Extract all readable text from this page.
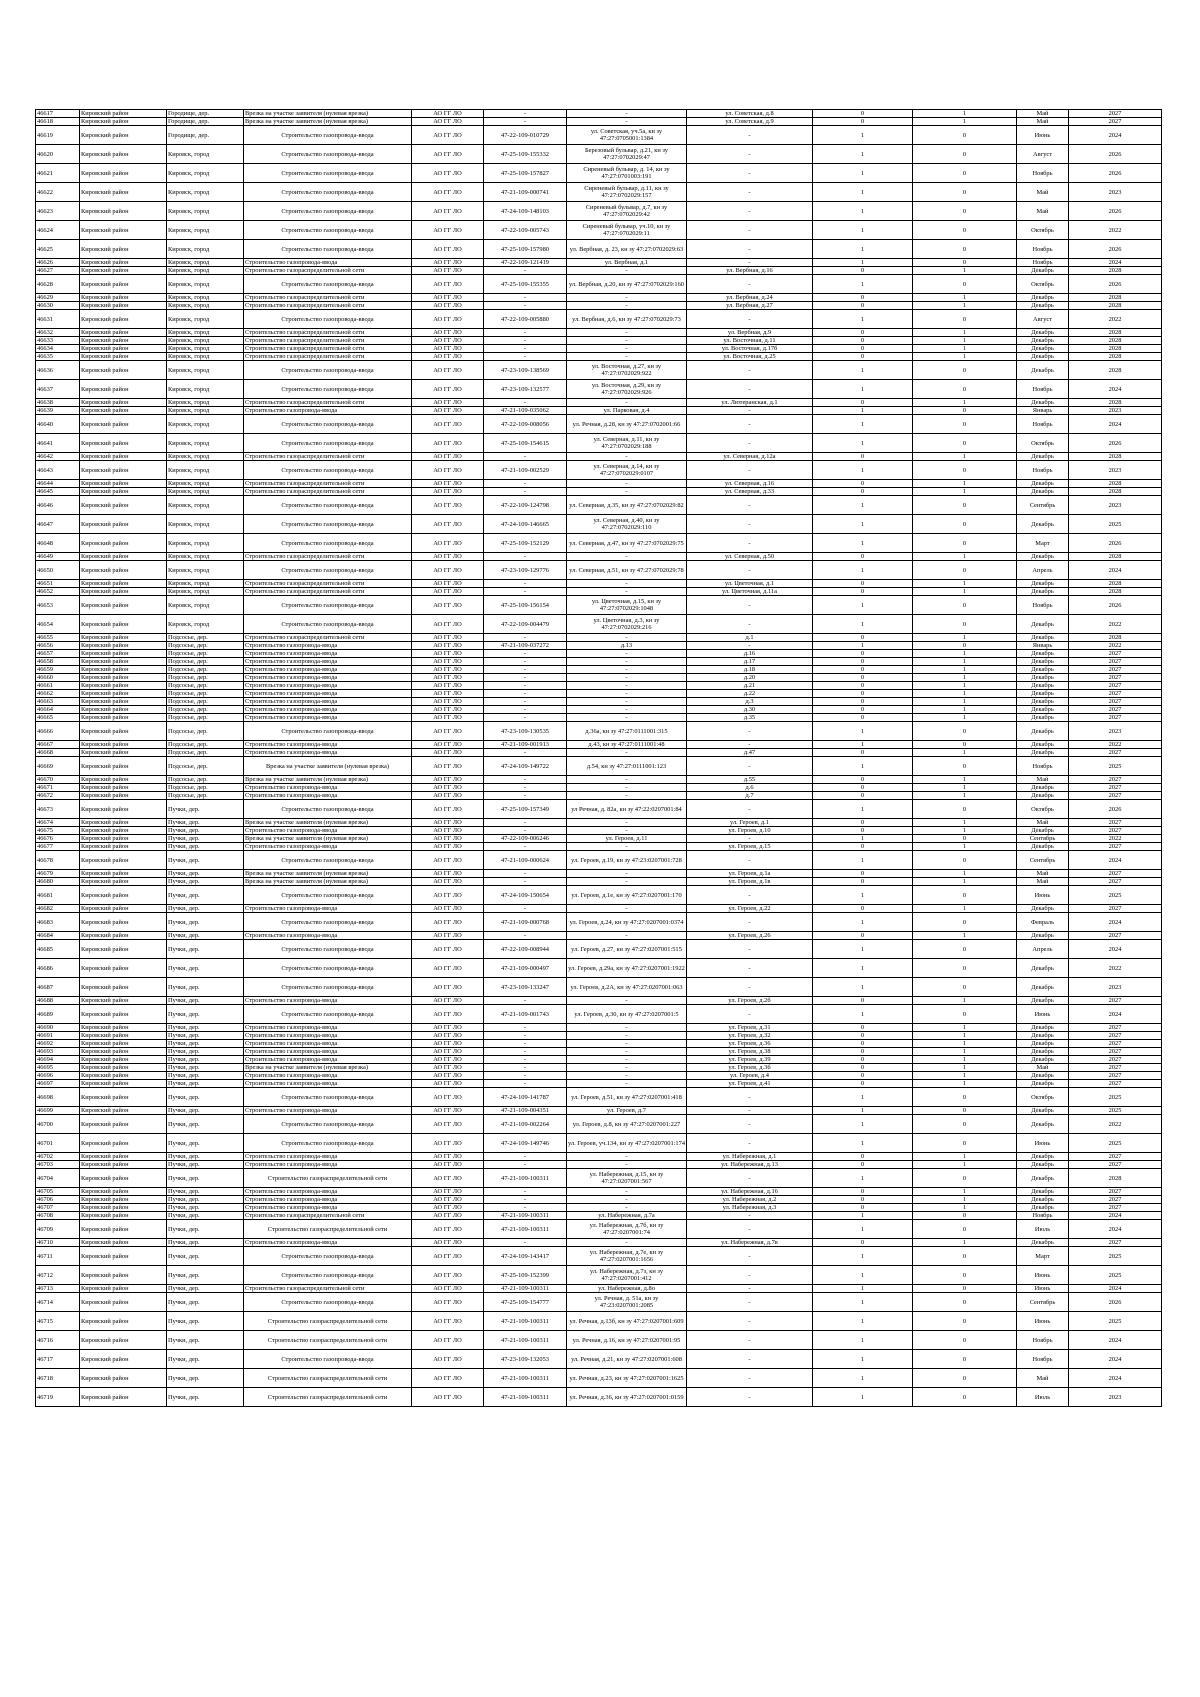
46617	Кировский район	Городище, дер.	Врезка на участке заявителя (нулевая врезка)	АО ГГ ЛО	-	-	ул. Советская, д.8	0	1	Май	2027
46618	Кировский район	Городище, дер.	Врезка на участке заявителя (нулевая врезка)	АО ГГ ЛО	-	-	ул. Советская, д.9	0	1	Май	2027
46619	Кировский район	Городище, дер.	Строительство газопровода-ввода	АО ГГ ЛО	47-22-109-010729	ул. Советская, уч.5а, кн зу 47:27:0705001:1384	-	1	0	Июнь	2024
46620	Кировский район	Кировск, город	Строительство газопровода-ввода	АО ГГ ЛО	47-25-109-155332	Березовый бульвар, д.21, кн зу 47:27:0702029:47	-	1	0	Август	2026
46621	Кировский район	Кировск, город	Строительство газопровода-ввода	АО ГГ ЛО	47-25-109-157827	Сиреневый бульвар, д. 14, кн зу 47:27:0701003:191	-	1	0	Ноябрь	2026
46622	Кировский район	Кировск, город	Строительство газопровода-ввода	АО ГГ ЛО	47-21-109-000741	Сиреневый бульвар, д.11, кн зу 47:27:0702029:157	-	1	0	Май	2023
46623	Кировский район	Кировск, город	Строительство газопровода-ввода	АО ГГ ЛО	47-24-109-148103	Сиреневый бульвар, д.7, кн зу 47:27:0702029:42	-	1	0	Май	2026
46624	Кировский район	Кировск, город	Строительство газопровода-ввода	АО ГГ ЛО	47-22-109-005743	Сиреневый бульвар, уч.10, кн зу 47:27:0702029:11	-	1	0	Октябрь	2022
46625	Кировский район	Кировск, город	Строительство газопровода-ввода	АО ГГ ЛО	47-25-109-157980	ул. Вербная, д. 23, кн зу 47:27:0702029:63	-	1	0	Ноябрь	2026
46626	Кировский район	Кировск, город	Строительство газопровода-ввода	АО ГГ ЛО	47-22-109-121419	ул. Вербная, д.1	-	1	0	Ноябрь	2024
46627	Кировский район	Кировск, город	Строительство газораспределительной сети	АО ГГ ЛО	-	-	ул. Вербная, д.16	0	1	Декабрь	2028
46628	Кировский район	Кировск, город	Строительство газопровода-ввода	АО ГГ ЛО	47-25-109-155355	ул. Вербная, д.20, кн зу 47:27:0702029:160	-	1	0	Октябрь	2026
46629	Кировский район	Кировск, город	Строительство газораспределительной сети	АО ГГ ЛО	-	-	ул. Вербная, д.24	0	1	Декабрь	2028
46630	Кировский район	Кировск, город	Строительство газораспределительной сети	АО ГГ ЛО	-	-	ул. Вербная, д.27	0	1	Декабрь	2028
46631	Кировский район	Кировск, город	Строительство газопровода-ввода	АО ГГ ЛО	47-22-109-005880	ул. Вербная, д.6, кн зу 47:27:0702029:73	-	1	0	Август	2022
46632	Кировский район	Кировск, город	Строительство газораспределительной сети	АО ГГ ЛО	-	-	ул. Вербная, д.9	0	1	Декабрь	2028
46633	Кировский район	Кировск, город	Строительство газораспределительной сети	АО ГГ ЛО	-	-	ул. Восточная, д.11	0	1	Декабрь	2028
46634	Кировский район	Кировск, город	Строительство газораспределительной сети	АО ГГ ЛО	-	-	ул. Восточная, д.17б	0	1	Декабрь	2028
46635	Кировский район	Кировск, город	Строительство газораспределительной сети	АО ГГ ЛО	-	-	ул. Восточная, д.25	0	1	Декабрь	2028
46636	Кировский район	Кировск, город	Строительство газопровода-ввода	АО ГГ ЛО	47-23-109-138569	ул. Восточная, д.27, кн зу 47:27:0702029:922	-	1	0	Декабрь	2028
46637	Кировский район	Кировск, город	Строительство газопровода-ввода	АО ГГ ЛО	47-23-109-132577	ул. Восточная, д.29, кн зу 47:27:0702029:926	-	1	0	Ноябрь	2024
46638	Кировский район	Кировск, город	Строительство газораспределительной сети	АО ГГ ЛО	-	-	ул. Лютеранская, д.1	0	1	Декабрь	2028
46639	Кировский район	Кировск, город	Строительство газопровода-ввода	АО ГГ ЛО	47-21-109-035062	ул. Парковая, д.4	-	1	0	Январь	2023
46640	Кировский район	Кировск, город	Строительство газопровода-ввода	АО ГГ ЛО	47-22-109-008056	ул. Речная, д.28, кн зу 47:27:0702001:66	-	1	0	Ноябрь	2024
46641	Кировский район	Кировск, город	Строительство газопровода-ввода	АО ГГ ЛО	47-25-109-154615	ул. Северная, д.11, кн зу 47:27:0702029:188	-	1	0	Октябрь	2026
46642	Кировский район	Кировск, город	Строительство газораспределительной сети	АО ГГ ЛО	-	-	ул. Северная, д.12а	0	1	Декабрь	2028
46643	Кировский район	Кировск, город	Строительство газопровода-ввода	АО ГГ ЛО	47-21-109-002529	ул. Северная, д.14, кн зу 47:27:0702029:0107	-	1	0	Ноябрь	2023
46644	Кировский район	Кировск, город	Строительство газораспределительной сети	АО ГГ ЛО	-	-	ул. Северная, д.16	0	1	Декабрь	2028
46645	Кировский район	Кировск, город	Строительство газораспределительной сети	АО ГГ ЛО	-	-	ул. Северная, д.33	0	1	Декабрь	2028
46646	Кировский район	Кировск, город	Строительство газопровода-ввода	АО ГГ ЛО	47-22-109-124798	ул. Северная, д.35, кн зу 47:27:0702029:82	-	1	0	Сентябрь	2023
46647	Кировский район	Кировск, город	Строительство газопровода-ввода	АО ГГ ЛО	47-24-109-146665	ул. Северная, д.40, кн зу 47:27:0702029:110	-	1	0	Декабрь	2025
46648	Кировский район	Кировск, город	Строительство газопровода-ввода	АО ГГ ЛО	47-25-109-152129	ул. Северная, д.47, кн зу 47:27:0702029:75	-	1	0	Март	2026
46649	Кировский район	Кировск, город	Строительство газораспределительной сети	АО ГГ ЛО	-	-	ул. Северная, д.50	0	1	Декабрь	2028
46650	Кировский район	Кировск, город	Строительство газопровода-ввода	АО ГГ ЛО	47-23-109-129776	ул. Северная, д.51, кн зу 47:27:0702029:78	-	1	0	Апрель	2024
46651	Кировский район	Кировск, город	Строительство газораспределительной сети	АО ГГ ЛО	-	-	ул. Цветочная, д.1	0	1	Декабрь	2028
46652	Кировский район	Кировск, город	Строительство газораспределительной сети	АО ГГ ЛО	-	-	ул. Цветочная, д.11а	0	1	Декабрь	2028
46653	Кировский район	Кировск, город	Строительство газопровода-ввода	АО ГГ ЛО	47-25-109-156154	ул. Цветочная, д.15, кн зу 47:27:0702029:1048	-	1	0	Ноябрь	2026
46654	Кировский район	Кировск, город	Строительство газопровода-ввода	АО ГГ ЛО	47-22-109-004479	ул. Цветочная, д.3, кн зу 47:27:0702029:216	-	1	0	Декабрь	2022
46655	Кировский район	Подсосье, дер.	Строительство газораспределительной сети	АО ГГ ЛО	-	-	д.1	0	1	Декабрь	2028
46656	Кировский район	Подсосье, дер.	Строительство газопровода-ввода	АО ГГ ЛО	47-21-109-037272	д.13	-	1	0	Январь	2022
46657	Кировский район	Подсосье, дер.	Строительство газопровода-ввода	АО ГГ ЛО	-	-	д.16	0	1	Декабрь	2027
46658	Кировский район	Подсосье, дер.	Строительство газопровода-ввода	АО ГГ ЛО	-	-	д.17	0	1	Декабрь	2027
46659	Кировский район	Подсосье, дер.	Строительство газопровода-ввода	АО ГГ ЛО	-	-	д.18	0	1	Декабрь	2027
46660	Кировский район	Подсосье, дер.	Строительство газопровода-ввода	АО ГГ ЛО	-	-	д.20	0	1	Декабрь	2027
46661	Кировский район	Подсосье, дер.	Строительство газопровода-ввода	АО ГГ ЛО	-	-	д.21	0	1	Декабрь	2027
46662	Кировский район	Подсосье, дер.	Строительство газопровода-ввода	АО ГГ ЛО	-	-	д.22	0	1	Декабрь	2027
46663	Кировский район	Подсосье, дер.	Строительство газопровода-ввода	АО ГГ ЛО	-	-	д.3	0	1	Декабрь	2027
46664	Кировский район	Подсосье, дер.	Строительство газопровода-ввода	АО ГГ ЛО	-	-	д.30	0	1	Декабрь	2027
46665	Кировский район	Подсосье, дер.	Строительство газопровода-ввода	АО ГГ ЛО	-	-	д.35	0	1	Декабрь	2027
46666	Кировский район	Подсосье, дер.	Строительство газопровода-ввода	АО ГГ ЛО	47-23-109-130535	д.36а, кн зу 47:27:0111001:315	-	1	0	Декабрь	2023
46667	Кировский район	Подсосье, дер.	Строительство газопровода-ввода	АО ГГ ЛО	47-21-109-001913	д.43, кн зу 47:27:0111001:48	-	1	0	Декабрь	2022
46668	Кировский район	Подсосье, дер.	Строительство газопровода-ввода	АО ГГ ЛО	-	-	д.47	0	1	Декабрь	2027
46669	Кировский район	Подсосье, дер.	Врезка на участке заявителя (нулевая врезка)	АО ГГ ЛО	47-24-109-149722	д.54, кн зу 47:27:0111001:123	-	1	0	Ноябрь	2025
46670	Кировский район	Подсосье, дер.	Врезка на участке заявителя (нулевая врезка)	АО ГГ ЛО	-	-	д.55	0	1	Май	2027
46671	Кировский район	Подсосье, дер.	Строительство газопровода-ввода	АО ГГ ЛО	-	-	д.6	0	1	Декабрь	2027
46672	Кировский район	Подсосье, дер.	Строительство газопровода-ввода	АО ГГ ЛО	-	-	д.7	0	1	Декабрь	2027
46673	Кировский район	Пучки, дер.	Строительство газопровода-ввода	АО ГГ ЛО	47-25-109-157349	ул Речная, д. 82а, кн зу 47:22:0207001:84	-	1	0	Октябрь	2026
46674	Кировский район	Пучки, дер.	Врезка на участке заявителя (нулевая врезка)	АО ГГ ЛО	-	-	ул. Героев, д.1	0	1	Май	2027
46675	Кировский район	Пучки, дер.	Строительство газопровода-ввода	АО ГГ ЛО	-	-	ул. Героев, д.10	0	1	Декабрь	2027
46676	Кировский район	Пучки, дер.	Врезка на участке заявителя (нулевая врезка)	АО ГГ ЛО	47-22-109-006246	ул. Героев, д.11	-	1	0	Сентябрь	2022
46677	Кировский район	Пучки, дер.	Строительство газопровода-ввода	АО ГГ ЛО	-	-	ул. Героев, д.15	0	1	Декабрь	2027
46678	Кировский район	Пучки, дер.	Строительство газопровода-ввода	АО ГГ ЛО	47-21-109-000624	ул. Героев, д.19, кн зу 47:23:0207001:728	-	1	0	Сентябрь	2024
46679	Кировский район	Пучки, дер.	Врезка на участке заявителя (нулевая врезка)	АО ГГ ЛО	-	-	ул. Героев, д.1а	0	1	Май	2027
46680	Кировский район	Пучки, дер.	Врезка на участке заявителя (нулевая врезка)	АО ГГ ЛО	-	-	ул. Героев, д.1в	0	1	Май	2027
46681	Кировский район	Пучки, дер.	Строительство газопровода-ввода	АО ГГ ЛО	47-24-109-150654	ул. Героев, д.1е, кн зу 47:27:0207001:170	-	1	0	Июнь	2025
46682	Кировский район	Пучки, дер.	Строительство газопровода-ввода	АО ГГ ЛО	-	-	ул. Героев, д.22	0	1	Декабрь	2027
46683	Кировский район	Пучки, дер.	Строительство газопровода-ввода	АО ГГ ЛО	47-21-109-000768	ул. Героев, д.24, кн зу 47:27:0207001:0374	-	1	0	Февраль	2024
46684	Кировский район	Пучки, дер.	Строительство газопровода-ввода	АО ГГ ЛО	-	-	ул. Героев, д.26	0	1	Декабрь	2027
46685	Кировский район	Пучки, дер.	Строительство газопровода-ввода	АО ГГ ЛО	47-22-109-008944	ул. Героев, д.27, кн зу 47:27:0207001:515	-	1	0	Апрель	2024
46686	Кировский район	Пучки, дер.	Строительство газопровода-ввода	АО ГГ ЛО	47-21-109-000497	ул. Героев, д.29а, кн зу 47:27:0207001:1922	-	1	0	Декабрь	2022
46687	Кировский район	Пучки, дер.	Строительство газопровода-ввода	АО ГГ ЛО	47-23-109-133247	ул. Героев, д.2А, кн зу 47:27:0207001:063	-	1	0	Декабрь	2023
46688	Кировский район	Пучки, дер.	Строительство газопровода-ввода	АО ГГ ЛО	-	-	ул. Героев, д.2б	0	1	Декабрь	2027
46689	Кировский район	Пучки, дер.	Строительство газопровода-ввода	АО ГГ ЛО	47-21-109-001743	ул. Героев, д.30, кн зу 47:27:0207001:5	-	1	0	Июнь	2024
46690	Кировский район	Пучки, дер.	Строительство газопровода-ввода	АО ГГ ЛО	-	-	ул. Героев, д.31	0	1	Декабрь	2027
46691	Кировский район	Пучки, дер.	Строительство газопровода-ввода	АО ГГ ЛО	-	-	ул. Героев, д.32	0	1	Декабрь	2027
46692	Кировский район	Пучки, дер.	Строительство газопровода-ввода	АО ГГ ЛО	-	-	ул. Героев, д.36	0	1	Декабрь	2027
46693	Кировский район	Пучки, дер.	Строительство газопровода-ввода	АО ГГ ЛО	-	-	ул. Героев, д.38	0	1	Декабрь	2027
46694	Кировский район	Пучки, дер.	Строительство газопровода-ввода	АО ГГ ЛО	-	-	ул. Героев, д.39	0	1	Декабрь	2027
46695	Кировский район	Пучки, дер.	Врезка на участке заявителя (нулевая врезка)	АО ГГ ЛО	-	-	ул. Героев, д.3б	0	1	Май	2027
46696	Кировский район	Пучки, дер.	Строительство газопровода-ввода	АО ГГ ЛО	-	-	ул. Героев, д.4	0	1	Декабрь	2027
46697	Кировский район	Пучки, дер.	Строительство газопровода-ввода	АО ГГ ЛО	-	-	ул. Героев, д.41	0	1	Декабрь	2027
46698	Кировский район	Пучки, дер.	Строительство газопровода-ввода	АО ГГ ЛО	47-24-109-141787	ул. Героев, д.51, кн зу 47:27:0207001:418	-	1	0	Октябрь	2025
46699	Кировский район	Пучки, дер.	Строительство газопровода-ввода	АО ГГ ЛО	47-21-109-004351	ул. Героев, д.7	-	1	0	Декабрь	2025
46700	Кировский район	Пучки, дер.	Строительство газопровода-ввода	АО ГГ ЛО	47-21-109-002264	ул. Героев, д.8, кн зу 47:27:0207001:227	-	1	0	Декабрь	2022
46701	Кировский район	Пучки, дер.	Строительство газопровода-ввода	АО ГГ ЛО	47-24-109-149746	ул. Героев, уч.134, кн зу 47:27:0207001:174	-	1	0	Июнь	2025
46702	Кировский район	Пучки, дер.	Строительство газопровода-ввода	АО ГГ ЛО	-	-	ул. Набережная, д.1	0	1	Декабрь	2027
46703	Кировский район	Пучки, дер.	Строительство газопровода-ввода	АО ГГ ЛО	-	-	ул. Набережная, д.13	0	1	Декабрь	2027
46704	Кировский район	Пучки, дер.	Строительство газораспределительной сети	АО ГГ ЛО	47-21-109-100311	ул. Набережная, д.15, кн зу 47:27:0207001:567	-	1	0	Декабрь	2028
46705	Кировский район	Пучки, дер.	Строительство газопровода-ввода	АО ГГ ЛО	-	-	ул. Набережная, д.16	0	1	Декабрь	2027
46706	Кировский район	Пучки, дер.	Строительство газопровода-ввода	АО ГГ ЛО	-	-	ул. Набережная, д.2	0	1	Декабрь	2027
46707	Кировский район	Пучки, дер.	Строительство газопровода-ввода	АО ГГ ЛО	-	-	ул. Набережная, д.3	0	1	Декабрь	2027
46708	Кировский район	Пучки, дер.	Строительство газораспределительной сети	АО ГГ ЛО	47-21-109-100311	ул. Набережная, д.7а	-	1	0	Ноябрь	2024
46709	Кировский район	Пучки, дер.	Строительство газораспределительной сети	АО ГГ ЛО	47-21-109-100311	ул. Набережная, д.7б, кн зу 47:27:0207001:74	-	1	0	Июль	2024
46710	Кировский район	Пучки, дер.	Строительство газопровода-ввода	АО ГГ ЛО	-	-	ул. Набережная, д.7в	0	1	Декабрь	2027
46711	Кировский район	Пучки, дер.	Строительство газопровода-ввода	АО ГГ ЛО	47-24-109-143417	ул. Набережная, д.7е, кн зу 47:27:0207001:1656	-	1	0	Март	2025
46712	Кировский район	Пучки, дер.	Строительство газопровода-ввода	АО ГГ ЛО	47-25-109-152399	ул. Набережная, д.7з, кн зу 47:27:0207001:412	-	1	0	Июнь	2025
46713	Кировский район	Пучки, дер.	Строительство газораспределительной сети	АО ГГ ЛО	47-21-109-100311	ул. Набережная, д.8о	-	1	0	Июнь	2024
46714	Кировский район	Пучки, дер.	Строительство газопровода-ввода	АО ГГ ЛО	47-25-109-154777	ул. Речная, д. 51а, кн зу 47:23:0207001:2085	-	1	0	Сентябрь	2026
46715	Кировский район	Пучки, дер.	Строительство газораспределительной сети	АО ГГ ЛО	47-21-109-100311	ул. Речная, д.13б, кн зу 47:27:0207001:609	-	1	0	Июнь	2025
46716	Кировский район	Пучки, дер.	Строительство газораспределительной сети	АО ГГ ЛО	47-21-109-100311	ул. Речная, д.16, кн зу 47:27:0207001:95	-	1	0	Ноябрь	2024
46717	Кировский район	Пучки, дер.	Строительство газопровода-ввода	АО ГГ ЛО	47-23-109-132053	ул. Речная, д.21, кн зу 47:27:0207001:608	-	1	0	Ноябрь	2024
46718	Кировский район	Пучки, дер.	Строительство газораспределительной сети	АО ГГ ЛО	47-21-109-100311	ул. Речная, д.23, кн зу 47:27:0207001:1625	-	1	0	Май	2024
46719	Кировский район	Пучки, дер.	Строительство газораспределительной сети	АО ГГ ЛО	47-21-109-100311	ул. Речная, д.36, кн зу 47:27:0207001:0159	-	1	0	Июль	2023
